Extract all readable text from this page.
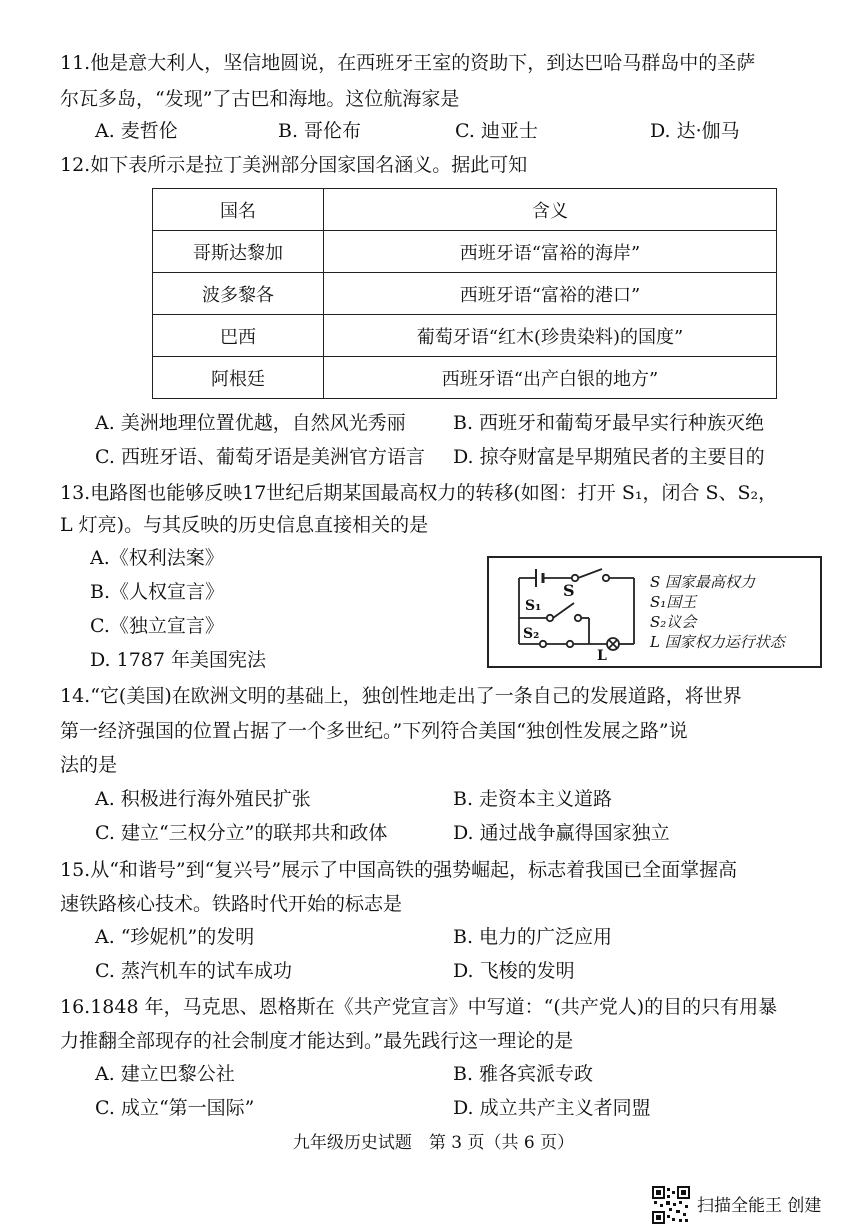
11.他是意大利人，坚信地圆说，在西班牙王室的资助下，到达巴哈马群岛中的圣萨
尔瓦多岛，“发现”了古巴和海地。这位航海家是
A. 麦哲伦	B. 哥伦布	C. 迪亚士	D. 达·伽马
12.如下表所示是拉丁美洲部分国家国名涵义。据此可知
国名	含义
哥斯达黎加	西班牙语“富裕的海岸”
波多黎各	西班牙语“富裕的港口”
巴西	葡萄牙语“红木(珍贵染料)的国度”
阿根廷	西班牙语“出产白银的地方”
A. 美洲地理位置优越，自然风光秀丽 B. 西班牙和葡萄牙最早实行种族灭绝
C. 西班牙语、葡萄牙语是美洲官方语言 D. 掠夺财富是早期殖民者的主要目的
13.电路图也能够反映17世纪后期某国最高权力的转移(如图：打开 S₁，闭合 S、S₂，
L 灯亮)。与其反映的历史信息直接相关的是
A.《权利法案》
B.《人权宣言》
C.《独立宣言》
D. 1787 年美国宪法
S
S₁
S₂
L
S 国家最高权力
S₁国王
S₂议会
L 国家权力运行状态
14.“它(美国)在欧洲文明的基础上，独创性地走出了一条自己的发展道路，将世界
第一经济强国的位置占据了一个多世纪。”下列符合美国“独创性发展之路”说
法的是
A. 积极进行海外殖民扩张	B. 走资本主义道路
C. 建立“三权分立”的联邦共和政体	D. 通过战争赢得国家独立
15.从“和谐号”到“复兴号”展示了中国高铁的强势崛起，标志着我国已全面掌握高
速铁路核心技术。铁路时代开始的标志是
A. “珍妮机”的发明	B. 电力的广泛应用
C. 蒸汽机车的试车成功	D. 飞梭的发明
16.1848 年，马克思、恩格斯在《共产党宣言》中写道：“(共产党人)的目的只有用暴
力推翻全部现存的社会制度才能达到。”最先践行这一理论的是
A. 建立巴黎公社	B. 雅各宾派专政
C. 成立“第一国际”	D. 成立共产主义者同盟
九年级历史试题　第 3 页（共 6 页）
扫描全能王 创建
